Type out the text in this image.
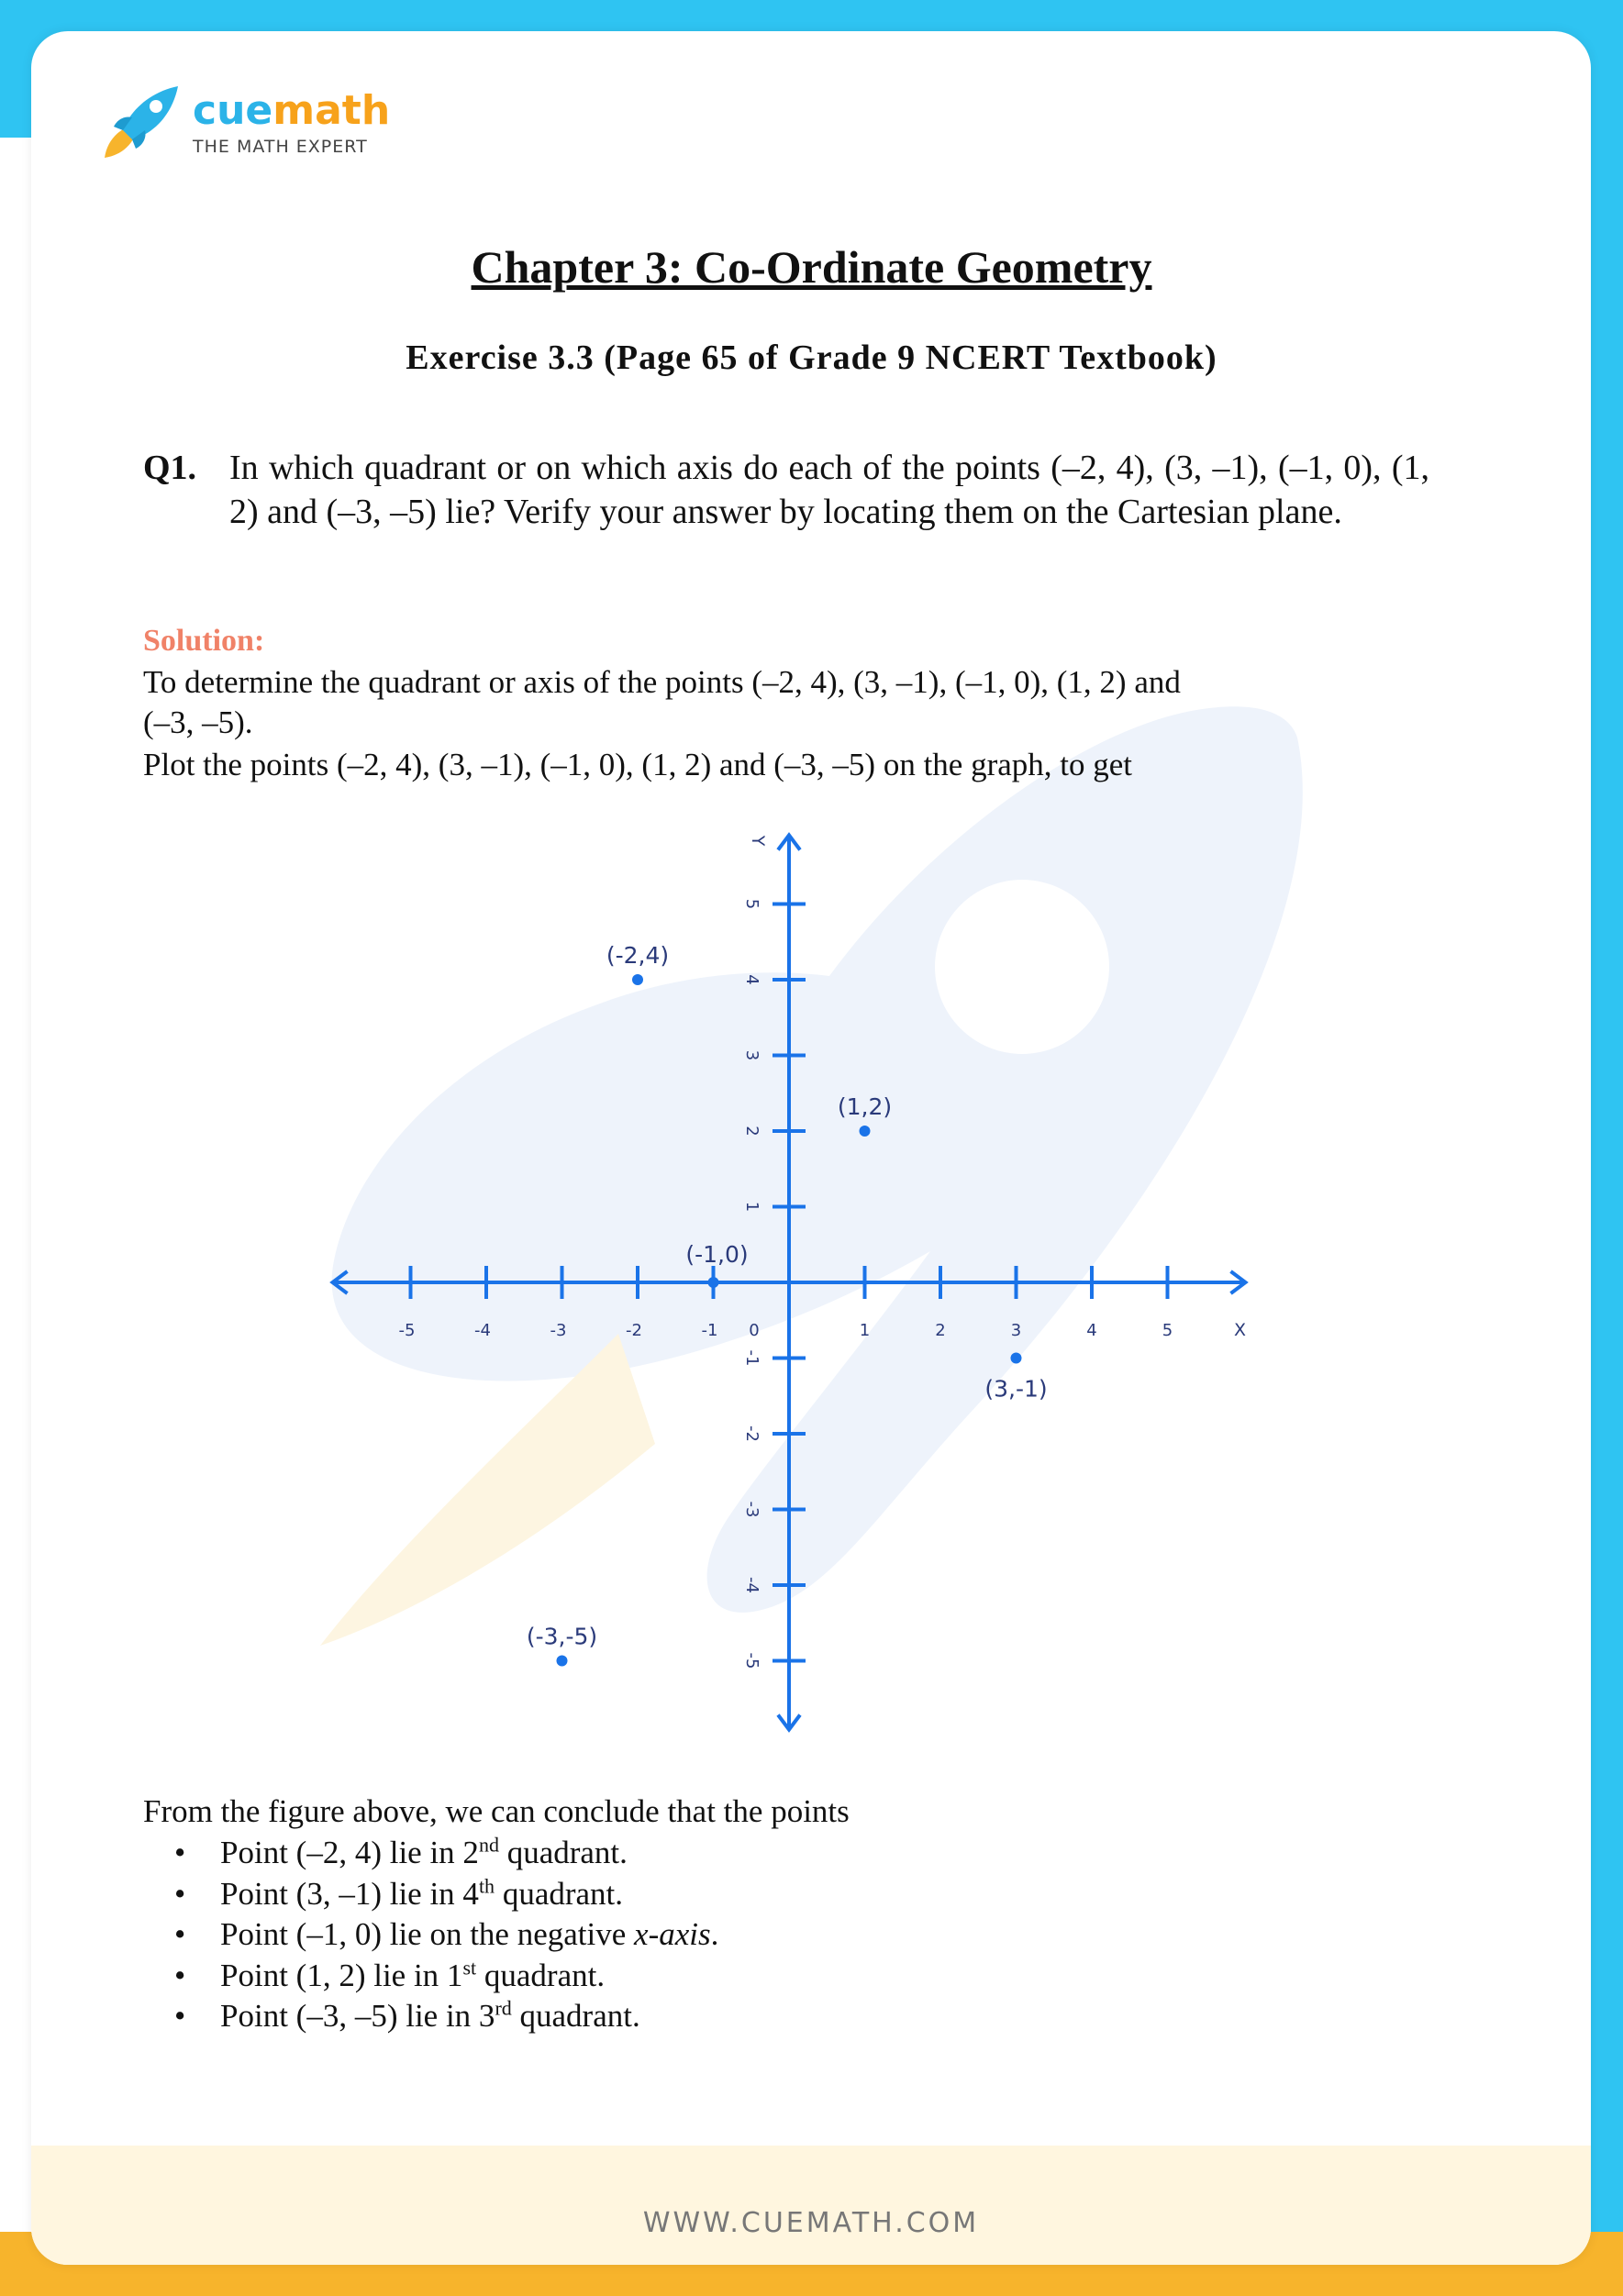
cuemath
THE MATH EXPERT
WWW.CUEMATH.COM
Chapter 3: Co-Ordinate Geometry
Exercise 3.3 (Page 65 of Grade 9 NCERT Textbook)
Q1. In which quadrant or on which axis do each of the points (–2, 4), (3, –1), (–1, 0), (1, 2) and (–3, –5) lie? Verify your answer by locating them on the Cartesian plane.
Solution:
To determine the quadrant or axis of the points (–2, 4), (3, –1), (–1, 0), (1, 2) and
(–3, –5).
Plot the points (–2, 4), (3, –1), (–1, 0), (1, 2) and (–3, –5) on the graph, to get
X
Y
-5	-4	-3	-2	-1	1	2	3	4	5
0
1
2
3
4
5
-1
-2
-3
-4
-5
(-2,4)
(1,2)
(-1,0)
(3,-1)
(-3,-5)
From the figure above, we can conclude that the points
• Point (–2, 4) lie in 2nd quadrant.
• Point (3, –1) lie in 4th quadrant.
• Point (–1, 0) lie on the negative x-axis.
• Point (1, 2) lie in 1st quadrant.
• Point (–3, –5) lie in 3rd quadrant.
